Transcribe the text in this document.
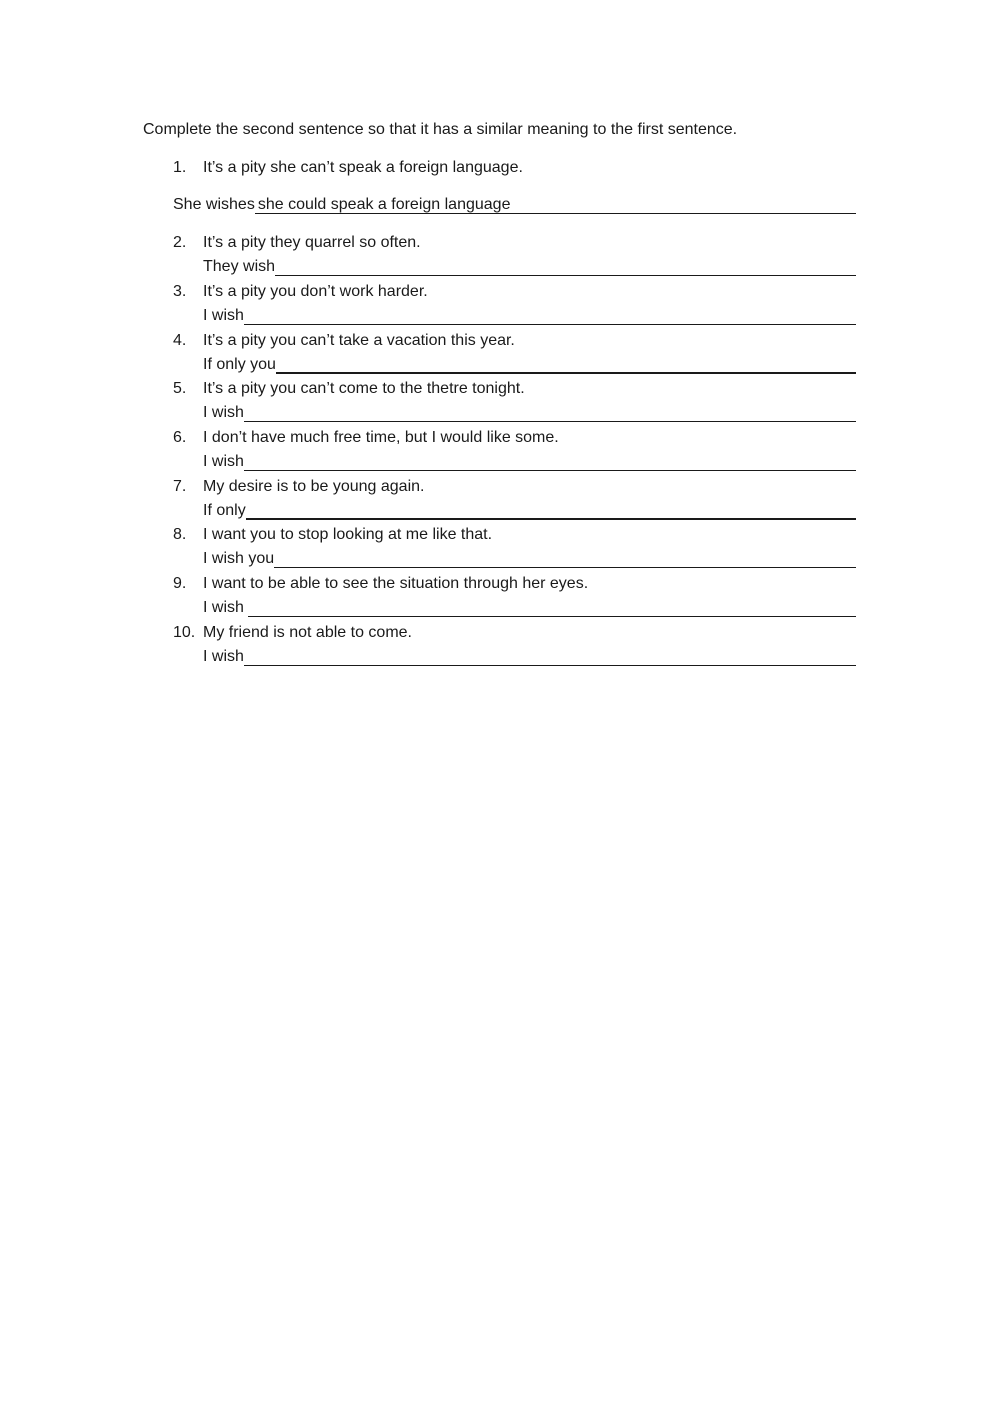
Complete the second sentence so that it has a similar meaning to the first sentence.

1. It’s a pity she can’t speak a foreign language.
She wishes she could speak a foreign language
2. It’s a pity they quarrel so often.
They wish
3. It’s a pity you don’t work harder.
I wish
4. It’s a pity you can’t take a vacation this year.
If only you
5. It’s a pity you can’t come to the thetre tonight.
I wish
6. I don’t have much free time, but I would like some.
I wish
7. My desire is to be young again.
If only
8. I want you to stop looking at me like that.
I wish you
9. I want to be able to see the situation through her eyes.
I wish
10. My friend is not able to come.
I wish
